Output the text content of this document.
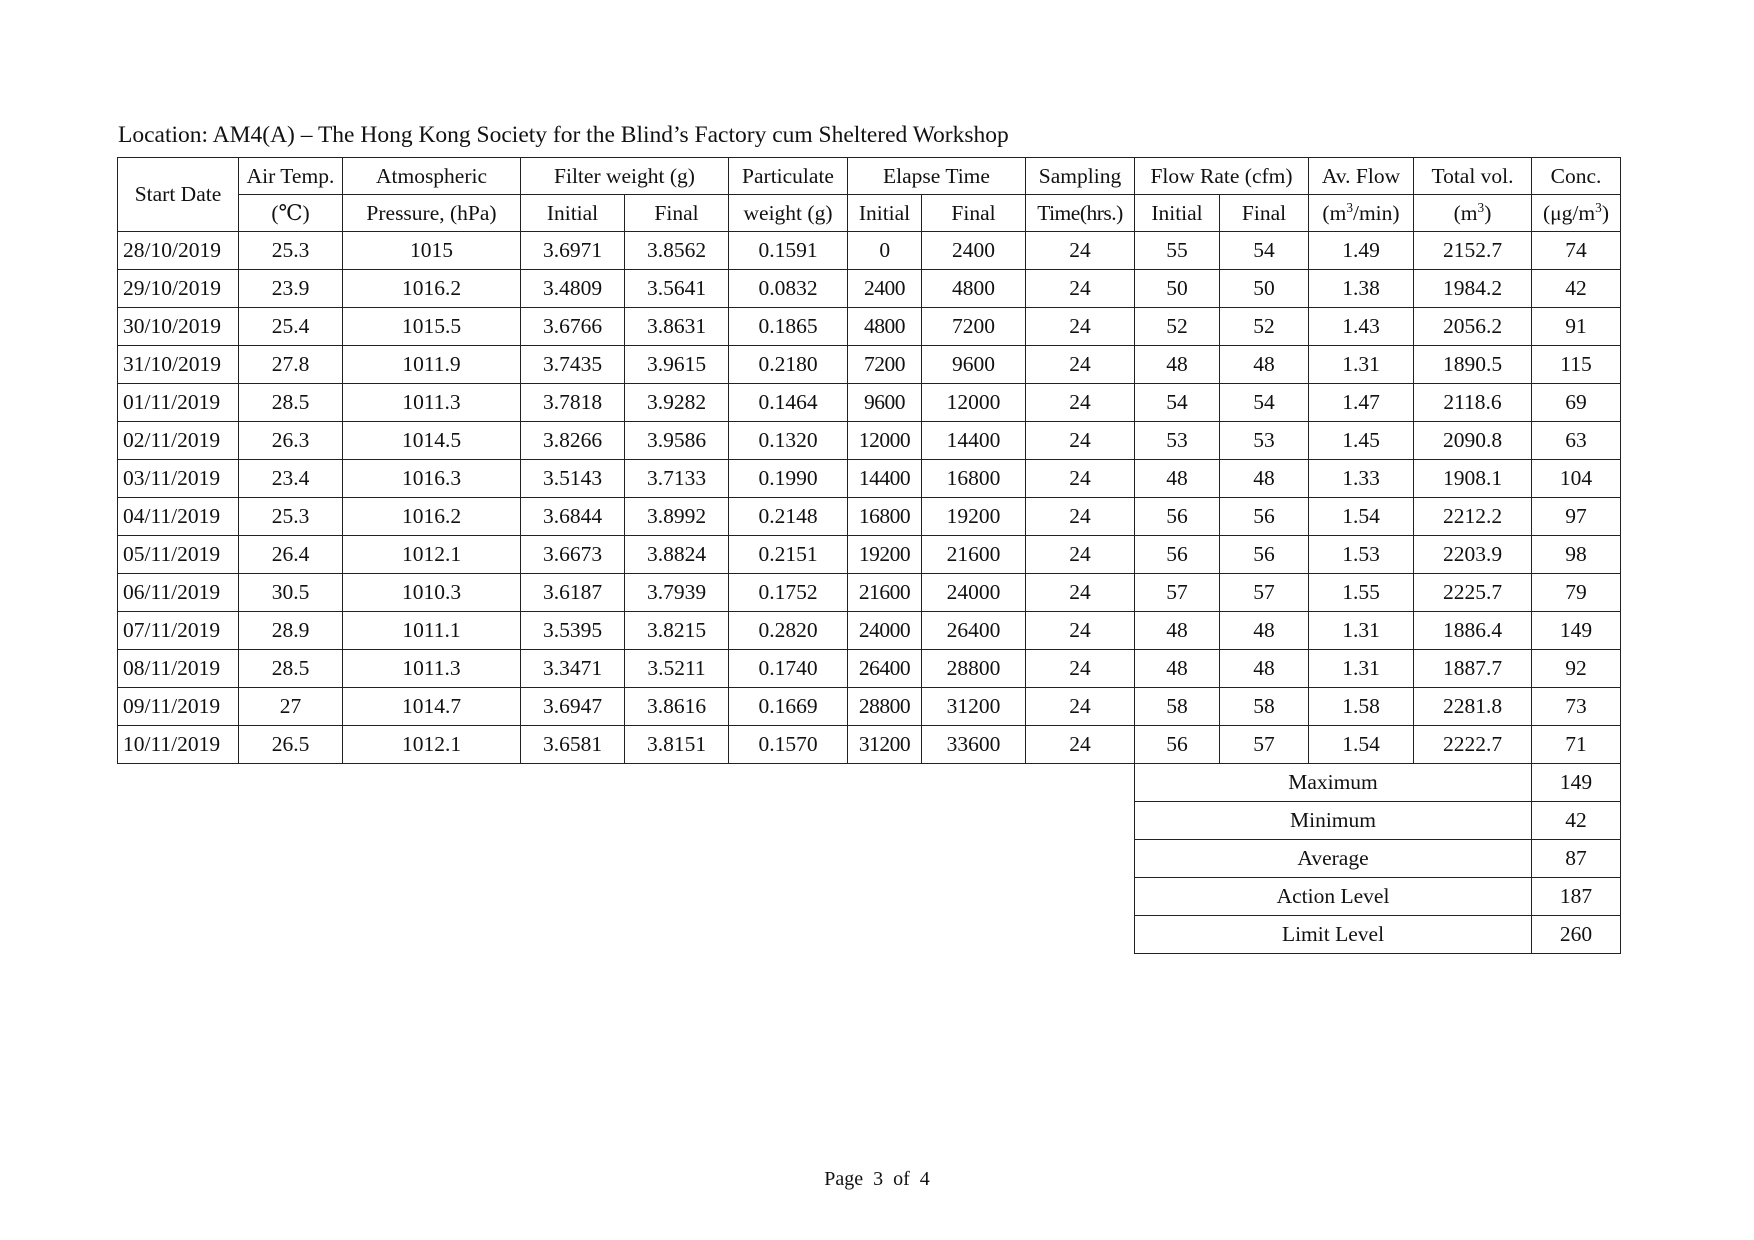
Location: AM4(A) – The Hong Kong Society for the Blind’s Factory cum Sheltered Workshop
Start Date	Air Temp.	Atmospheric	Filter weight (g)		Particulate	Elapse Time		Sampling	Flow Rate (cfm)		Av. Flow	Total vol.	Conc.
	(℃)	Pressure, (hPa)	Initial	Final	weight (g)	Initial	Final	Time(hrs.)	Initial	Final	$(m^3/\min)$	$(m^3)$	$(\mu g/m^3)$
28/10/2019	25.3	1015	3.6971	3.8562	0.1591	0	2400	24	55	54	1.49	2152.7	74
29/10/2019	23.9	1016.2	3.4809	3.5641	0.0832	2400	4800	24	50	50	1.38	1984.2	42
30/10/2019	25.4	1015.5	3.6766	3.8631	0.1865	4800	7200	24	52	52	1.43	2056.2	91
31/10/2019	27.8	1011.9	3.7435	3.9615	0.2180	7200	9600	24	48	48	1.31	1890.5	115
01/11/2019	28.5	1011.3	3.7818	3.9282	0.1464	9600	12000	24	54	54	1.47	2118.6	69
02/11/2019	26.3	1014.5	3.8266	3.9586	0.1320	12000	14400	24	53	53	1.45	2090.8	63
03/11/2019	23.4	1016.3	3.5143	3.7133	0.1990	14400	16800	24	48	48	1.33	1908.1	104
04/11/2019	25.3	1016.2	3.6844	3.8992	0.2148	16800	19200	24	56	56	1.54	2212.2	97
05/11/2019	26.4	1012.1	3.6673	3.8824	0.2151	19200	21600	24	56	56	1.53	2203.9	98
06/11/2019	30.5	1010.3	3.6187	3.7939	0.1752	21600	24000	24	57	57	1.55	2225.7	79
07/11/2019	28.9	1011.1	3.5395	3.8215	0.2820	24000	26400	24	48	48	1.31	1886.4	149
08/11/2019	28.5	1011.3	3.3471	3.5211	0.1740	26400	28800	24	48	48	1.31	1887.7	92
09/11/2019	27	1014.7	3.6947	3.8616	0.1669	28800	31200	24	58	58	1.58	2281.8	73
10/11/2019	26.5	1012.1	3.6581	3.8151	0.1570	31200	33600	24	56	57	1.54	2222.7	71
									Maximum				149
									Minimum				42
									Average				87
									Action Level				187
									Limit Level				260
Page 3 of 4
